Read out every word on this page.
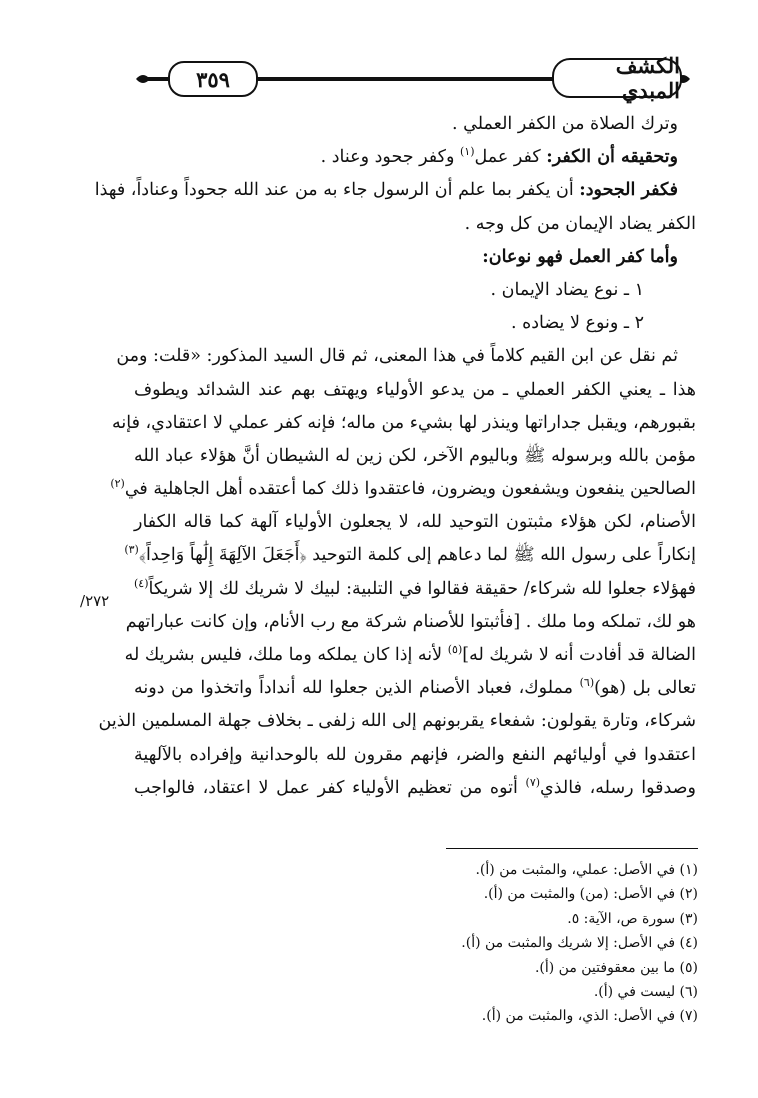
٣٥٩
الكشف المبدي
٢٧٢/
وترك الصلاة من الكفر العملي .
وتحقيقه أن الكفر: كفر عمل$^{(١)}$ وكفر جحود وعناد .
فكفر الجحود: أن يكفر بما علم أن الرسول جاء به من عند الله جحوداً وعناداً، فهذا
الكفر يضاد الإيمان من كل وجه .
وأما كفر العمل فهو نوعان:
١ ـ نوع يضاد الإيمان .
٢ ـ ونوع لا يضاده .
ثم نقل عن ابن القيم كلاماً في هذا المعنى، ثم قال السيد المذكور: «قلت: ومن
هذا ـ يعني الكفر العملي ـ من يدعو الأولياء ويهتف بهم عند الشدائد ويطوف
بقبورهم، ويقبل جداراتها وينذر لها بشيء من ماله؛ فإنه كفر عملي لا اعتقادي، فإنه
مؤمن بالله وبرسوله ﷺ وباليوم الآخر، لكن زين له الشيطان أنَّ هؤلاء عباد الله
الصالحين ينفعون ويشفعون ويضرون، فاعتقدوا ذلك كما أعتقده أهل الجاهلية في$^{(٢)}$
الأصنام، لكن هؤلاء مثبتون التوحيد لله، لا يجعلون الأولياء آلهة كما قاله الكفار
إنكاراً على رسول الله ﷺ لما دعاهم إلى كلمة التوحيد ﴿أَجَعَلَ الآلِهَةَ إِلَٰهاً وَاحِداً﴾$^{(٣)}$
فهؤلاء جعلوا لله شركاء/ حقيقة فقالوا في التلبية: لبيك لا شريك لك إلا شريكاً$^{(٤)}$
هو لك، تملكه وما ملك . [فأثبتوا للأصنام شركة مع رب الأنام، وإن كانت عباراتهم
الضالة قد أفادت أنه لا شريك له]$^{(٥)}$ لأنه إذا كان يملكه وما ملك، فليس بشريك له
تعالى بل (هو)$^{(٦)}$ مملوك، فعباد الأصنام الذين جعلوا لله أنداداً واتخذوا من دونه
شركاء، وتارة يقولون: شفعاء يقربونهم إلى الله زلفى ـ بخلاف جهلة المسلمين الذين
اعتقدوا في أوليائهم النفع والضر، فإنهم مقرون لله بالوحدانية وإفراده بالآلهية
وصدقوا رسله، فالذي$^{(٧)}$ أتوه من تعظيم الأولياء كفر عمل لا اعتقاد، فالواجب
(١) في الأصل: عملي، والمثبت من (أ).
(٢) في الأصل: (من) والمثبت من (أ).
(٣) سورة ص، الآية: ٥.
(٤) في الأصل: إلا شريك والمثبت من (أ).
(٥) ما بين معقوفتين من (أ).
(٦) ليست في (أ).
(٧) في الأصل: الذي، والمثبت من (أ).
